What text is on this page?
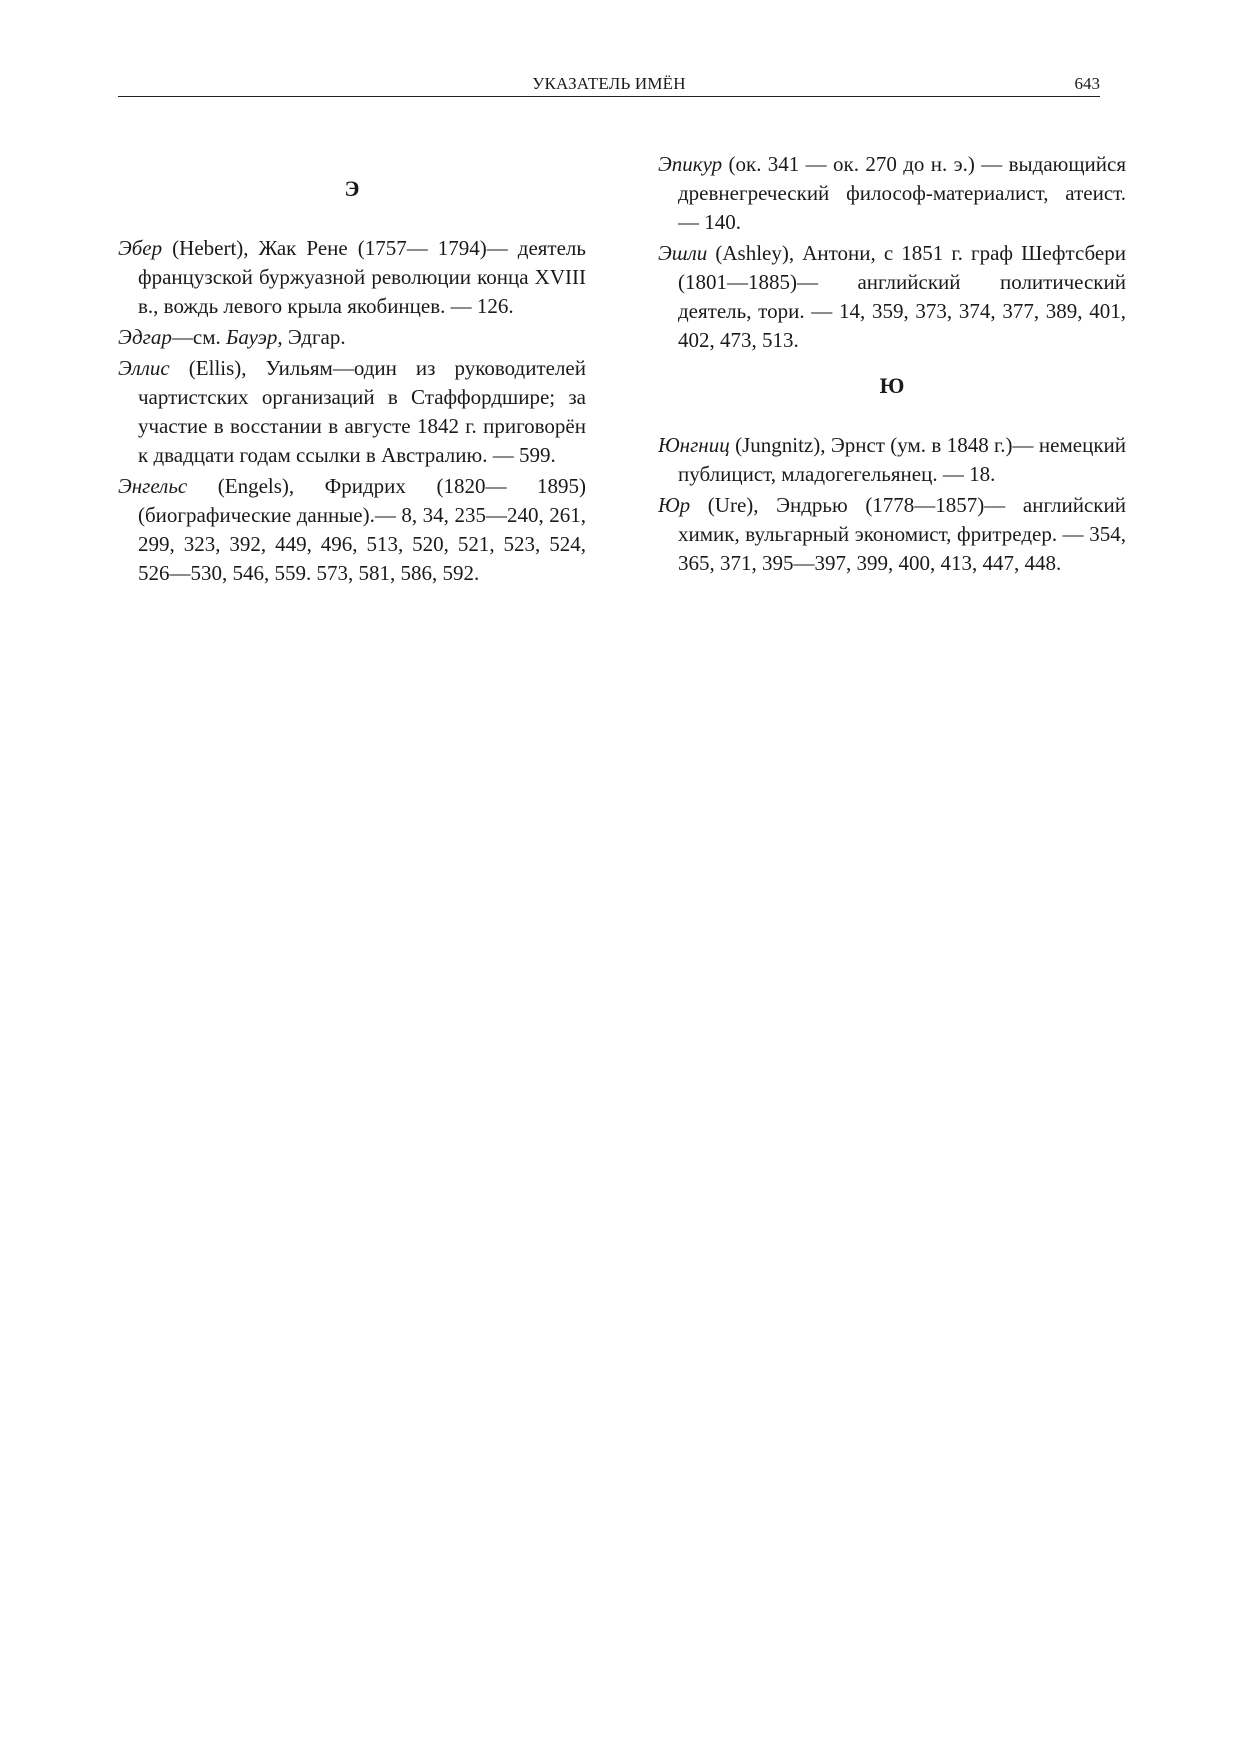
УКАЗАТЕЛЬ ИМЁН	643
Э

Эбер (Hebert), Жак Рене (1757— 1794)— деятель французской буржуазной революции конца XVIII в., вождь левого крыла якобинцев. — 126.

Эдгар—см. Бауэр, Эдгар.

Эллис (Ellis), Уильям—один из руководителей чартистских организаций в Стаффордшире; за участие в восстании в августе 1842 г. приговорён к двадцати годам ссылки в Австралию. — 599.

Энгельс (Engels), Фридрих (1820— 1895) (биографические данные).— 8, 34, 235—240, 261, 299, 323, 392, 449, 496, 513, 520, 521, 523, 524, 526—530, 546, 559. 573, 581, 586, 592.

Эпикур (ок. 341 — ок. 270 до н. э.) — выдающийся древнегреческий философ-материалист, атеист. — 140.

Эшли (Ashley), Антони, с 1851 г. граф Шефтсбери (1801—1885)— английский политический деятель, тори. — 14, 359, 373, 374, 377, 389, 401, 402, 473, 513.

Ю

Юнгниц (Jungnitz), Эрнст (ум. в 1848 г.)— немецкий публицист, младогегельянец. — 18.

Юр (Ure), Эндрью (1778—1857)— английский химик, вульгарный экономист, фритредер. — 354, 365, 371, 395—397, 399, 400, 413, 447, 448.
